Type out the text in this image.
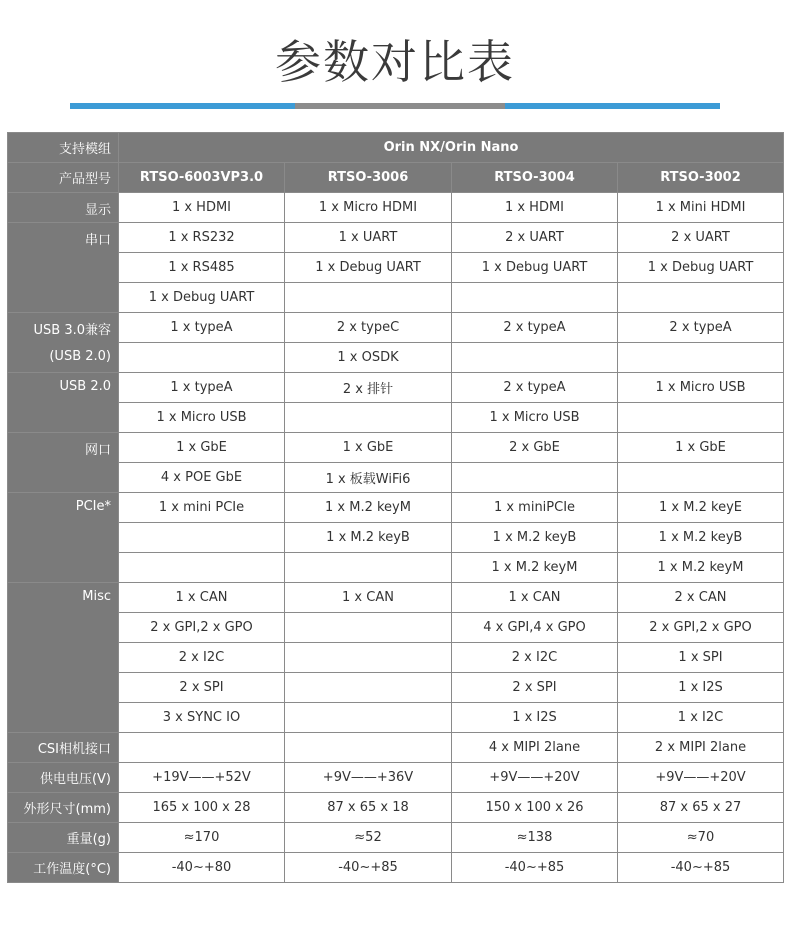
参数对比表
支持模组	Orin NX/Orin Nano			
产品型号	RTSO-6003VP3.0	RTSO-3006	RTSO-3004	RTSO-3002
显示	1 x HDMI	1 x Micro HDMI	1 x HDMI	1 x Mini HDMI
串口	1 x RS232	1 x UART	2 x UART	2 x UART
	1 x RS485	1 x Debug UART	1 x Debug UART	1 x Debug UART
	1 x Debug UART			
USB 3.0兼容	1 x typeA	2 x typeC	2 x typeA	2 x typeA
(USB 2.0)		1 x OSDK		
USB 2.0	1 x typeA	2 x 排针	2 x typeA	1 x Micro USB
	1 x Micro USB		1 x Micro USB	
网口	1 x GbE	1 x GbE	2 x GbE	1 x GbE
	4 x POE GbE	1 x 板载WiFi6		
PCIe*	1 x mini PCIe	1 x M.2 keyM	1 x miniPCIe	1 x M.2 keyE
		1 x M.2 keyB	1 x M.2 keyB	1 x M.2 keyB
			1 x M.2 keyM	1 x M.2 keyM
Misc	1 x CAN	1 x CAN	1 x CAN	2 x CAN
	2 x GPI,2 x GPO		4 x GPI,4 x GPO	2 x GPI,2 x GPO
	2 x I2C		2 x I2C	1 x SPI
	2 x SPI		2 x SPI	1 x I2S
	3 x SYNC IO		1 x I2S	1 x I2C
CSI相机接口			4 x MIPI 2lane	2 x MIPI 2lane
供电电压(V)	+19V——+52V	+9V——+36V	+9V——+20V	+9V——+20V
外形尺寸(mm)	165 x 100 x 28	87 x 65 x 18	150 x 100 x 26	87 x 65 x 27
重量(g)	≈170	≈52	≈138	≈70
工作温度(°C)	-40~+80	-40~+85	-40~+85	-40~+85
